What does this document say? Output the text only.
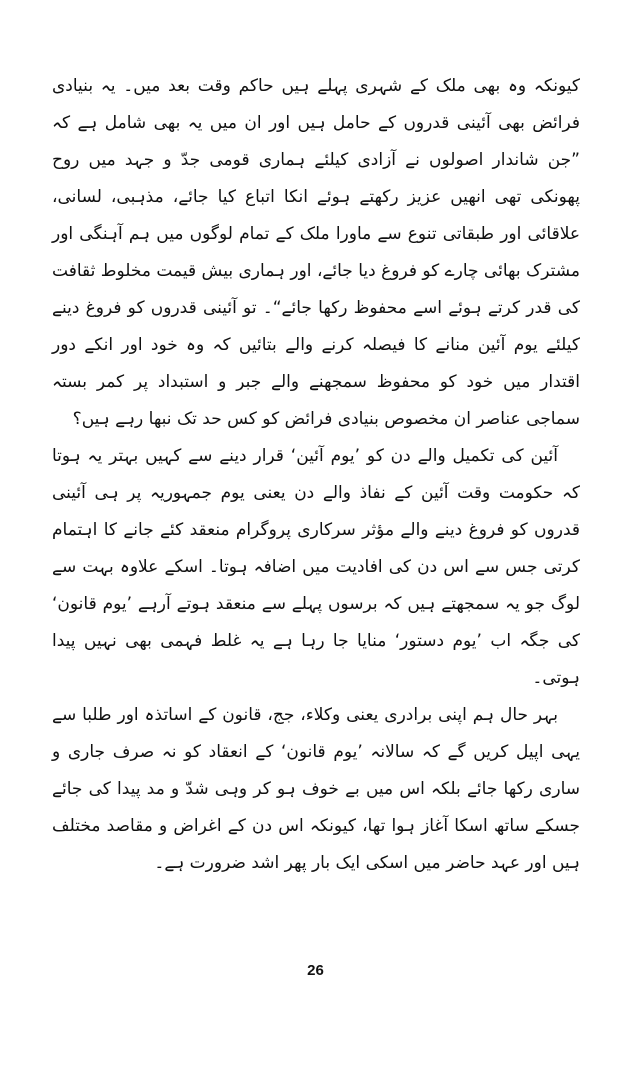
کیونکہ وہ بھی ملک کے شہری پہلے ہیں حاکم وقت بعد میں۔ یہ بنیادی فرائض بھی آئینی قدروں کے حامل ہیں اور ان میں یہ بھی شامل ہے کہ ”جن شاندار اصولوں نے آزادی کیلئے ہماری قومی جدّ و جہد میں روح پھونکی تھی انھیں عزیز رکھتے ہوئے انکا اتباع کیا جائے، مذہبی، لسانی، علاقائی اور طبقاتی تنوع سے ماورا ملک کے تمام لوگوں میں ہم آہنگی اور مشترک بھائی چارے کو فروغ دیا جائے، اور ہماری بیش قیمت مخلوط ثقافت کی قدر کرتے ہوئے اسے محفوظ رکھا جائے“۔ تو آئینی قدروں کو فروغ دینے کیلئے یوم آئین منانے کا فیصلہ کرنے والے بتائیں کہ وہ خود اور انکے دور اقتدار میں خود کو محفوظ سمجھنے والے جبر و استبداد پر کمر بستہ سماجی عناصر ان مخصوص بنیادی فرائض کو کس حد تک نبھا رہے ہیں؟

آئین کی تکمیل والے دن کو ’یوم آئین‘ قرار دینے سے کہیں بہتر یہ ہوتا کہ حکومت وقت آئین کے نفاذ والے دن یعنی یوم جمہوریہ پر ہی آئینی قدروں کو فروغ دینے والے مؤثر سرکاری پروگرام منعقد کئے جانے کا اہتمام کرتی جس سے اس دن کی افادیت میں اضافہ ہوتا۔ اسکے علاوہ بہت سے لوگ جو یہ سمجھتے ہیں کہ برسوں پہلے سے منعقد ہوتے آرہے ’یوم قانون‘ کی جگہ اب ’یوم دستور‘ منایا جا رہا ہے یہ غلط فہمی بھی نہیں پیدا ہوتی۔

بہر حال ہم اپنی برادری یعنی وکلاء، جج، قانون کے اساتذہ اور طلبا سے یہی اپیل کریں گے کہ سالانہ ’یوم قانون‘ کے انعقاد کو نہ صرف جاری و ساری رکھا جائے بلکہ اس میں بے خوف ہو کر وہی شدّ و مد پیدا کی جائے جسکے ساتھ اسکا آغاز ہوا تھا، کیونکہ اس دن کے اغراض و مقاصد مختلف ہیں اور عہد حاضر میں اسکی ایک بار پھر اشد ضرورت ہے۔

26
